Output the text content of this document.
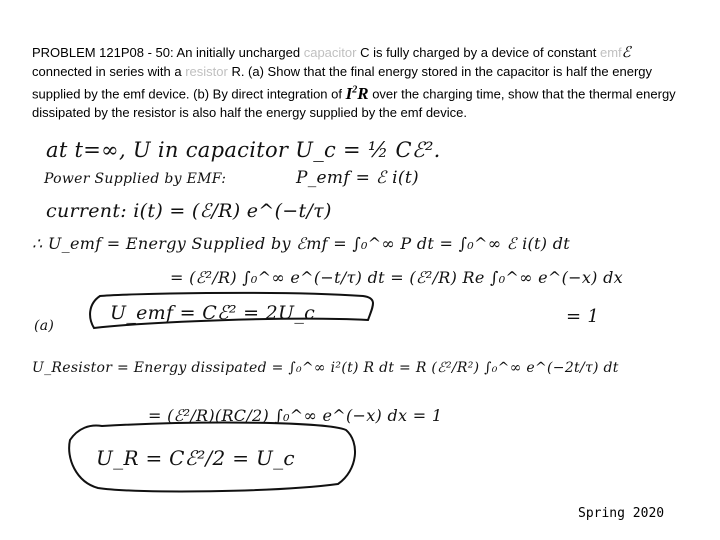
PROBLEM 121P08 - 50: An initially uncharged capacitor C is fully charged by a device of constant emfℰ connected in series with a resistor R. (a) Show that the final energy stored in the capacitor is half the energy supplied by the emf device. (b) By direct integration of $I^2R$ over the charging time, show that the thermal energy dissipated by the resistor is also half the energy supplied by the emf device.
at t=∞, U in capacitor U_c = ½ Cℰ².
Power Supplied by EMF:	P_emf = ℰ i(t)
current: i(t) = (ℰ/R) e^(−t/τ)
∴ U_emf = Energy Supplied by ℰmf = ∫₀^∞ P dt = ∫₀^∞ ℰ i(t) dt
= (ℰ²/R) ∫₀^∞ e^(−t/τ) dt = (ℰ²/R) Re ∫₀^∞ e^(−x) dx
= 1
(a)
U_emf = Cℰ² = 2U_c
U_Resistor = Energy dissipated = ∫₀^∞ i²(t) R dt = R (ℰ²/R²) ∫₀^∞ e^(−2t/τ) dt
= (ℰ²/R)(RC/2) ∫₀^∞ e^(−x) dx = 1
U_R = Cℰ²/2 = U_c
Spring 2020
